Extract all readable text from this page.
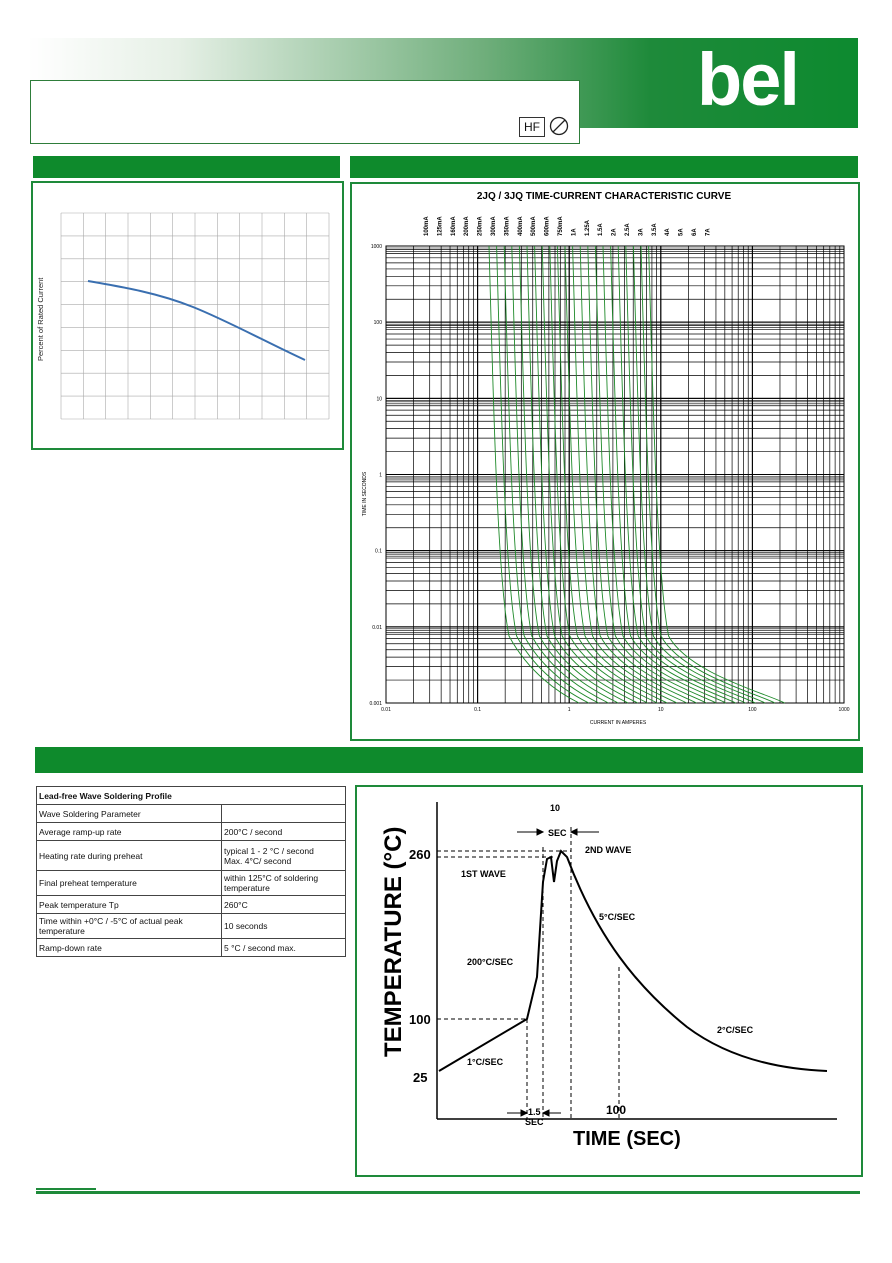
bel
HF
Percent of Rated Current
2JQ / 3JQ TIME-CURRENT CHARACTERISTIC CURVE
100mA 125mA 160mA 200mA 250mA 300mA 350mA 400mA 500mA 600mA 750mA 1A 1.25A 1.5A 2A 2.5A 3A 3.5A 4A 5A 6A 7A
1000
100
10
1
0.1
0.01
0.001
0.01	0.1	1	10	100	1000
CURRENT IN AMPERES
TIME IN SECONDS
Lead-free Wave Soldering Profile	
Wave Soldering Parameter	
Average ramp-up rate	200°C / second
Heating rate during preheat	typical 1 - 2 °C / second
Max. 4°C/ second

Final preheat temperature	within 125°C of soldering temperature
Peak temperature Tp	260°C
Time within +0°C / -5°C of actual peak temperature	10 seconds
Ramp-down rate	5 °C / second max.	TEMPERATURE (°C)
TIME (SEC)
260
100
25
100
10
SEC
1.5
SEC
1ST WAVE
2ND WAVE
200°C/SEC
5°C/SEC
2°C/SEC
1°C/SEC
